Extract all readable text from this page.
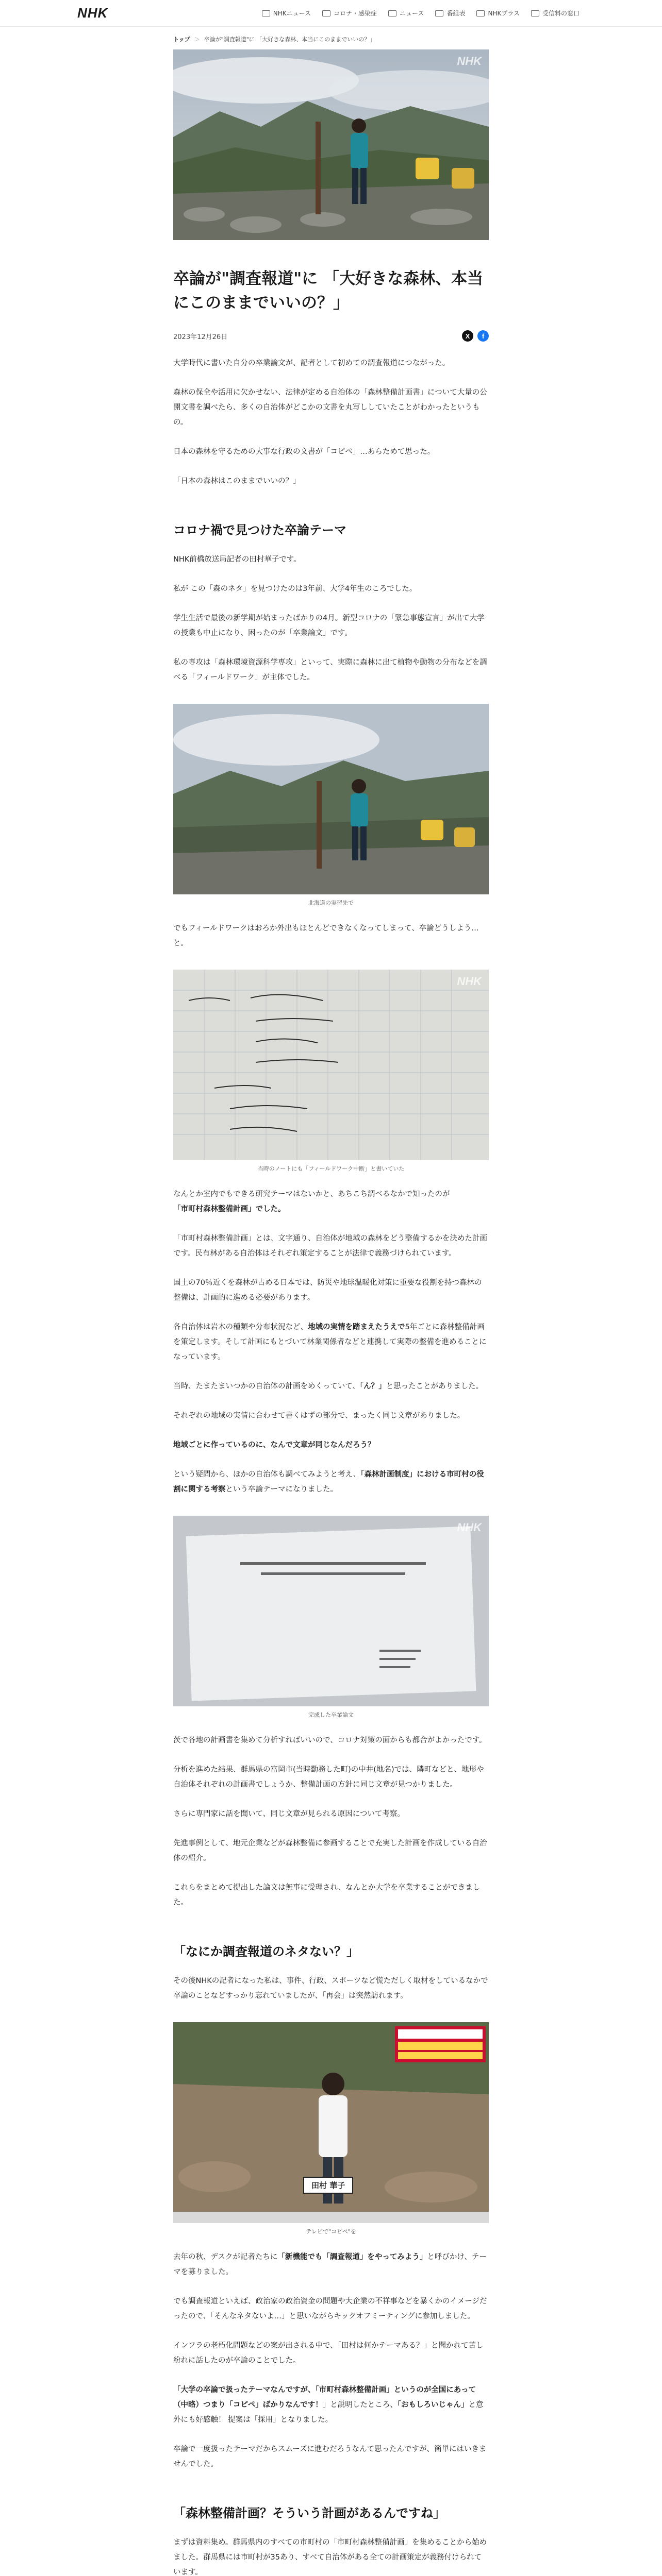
NHK	NHKニュース	コロナ・感染症	ニュース	番組表	NHKプラス	受信料の窓口
トップ ＞ 卒論が"調査報道"に 「大好きな森林、本当にこのままでいいの？」
NHK
卒論が"調査報道"に 「大好きな森林、本当にこのままでいいの？」
2023年12月26日	X	f

大学時代に書いた自分の卒業論文が、記者として初めての調査報道につながった。

森林の保全や活用に欠かせない、法律が定める自治体の「森林整備計画書」について大量の公開文書を調べたら、多くの自治体がどこかの文書を丸写ししていたことがわかったというもの。

日本の森林を守るための大事な行政の文書が「コピペ」…あらためて思った。

「日本の森林はこのままでいいの？」

コロナ禍で見つけた卒論テーマ

NHK前橋放送局記者の田村華子です。

私が この「森のネタ」を見つけたのは3年前、大学4年生のころでした。

学生生活で最後の新学期が始まったばかりの4月。新型コロナの「緊急事態宣言」が出て大学の授業も中止になり、困ったのが「卒業論文」です。

私の専攻は「森林環境資源科学専攻」といって、実際に森林に出て植物や動物の分布などを調べる「フィールドワーク」が主体でした。

北海道の実習先で

でもフィールドワークはおろか外出もほとんどできなくなってしまって、卒論どうしよう…と。

NHK

当時のノートにも「フィールドワーク中断」と書いていた

なんとか室内でもできる研究テーマはないかと、あちこち調べるなかで知ったのが
「市町村森林整備計画」でした。

「市町村森林整備計画」とは、文字通り、自治体が地域の森林をどう整備するかを決めた計画です。民有林がある自治体はそれぞれ策定することが法律で義務づけられています。

国土の70％近くを森林が占める日本では、防災や地球温暖化対策に重要な役割を持つ森林の整備は、計画的に進める必要があります。

各自治体は岩木の種類や分布状況など、地域の実情を踏まえたうえで5年ごとに森林整備計画を策定します。そして計画にもとづいて林業関係者などと連携して実際の整備を進めることになっています。

当時、たまたまいつかの自治体の計画をめくっていて、「ん？」と思ったことがありました。

それぞれの地域の実情に合わせて書くはずの部分で、まったく同じ文章がありました。

地域ごとに作っているのに、なんで文章が同じなんだろう？

という疑問から、ほかの自治体も調べてみようと考え、「森林計画制度」における市町村の役割に関する考察という卒論テーマになりました。

NHK

完成した卒業論文

茨で各地の計画書を集めて分析すればいいので、コロナ対策の面からも都合がよかったです。

分析を進めた結果、群馬県の富岡市(当時勤務した町)の中井(地名)では、隣町などと、地形や自治体それぞれの計画書でしょうか、整備計画の方針に同じ文章が見つかりました。

さらに専門家に話を聞いて、同じ文章が見られる原因について考察。

先進事例として、地元企業などが森林整備に参画することで充実した計画を作成している自治体の紹介。

これらをまとめて提出した論文は無事に受理され、なんとか大学を卒業することができました。

「なにか調査報道のネタない？」

その後NHKの記者になった私は、事件、行政、スポーツなど慌ただしく取材をしているなかで卒論のことなどすっかり忘れていましたが、「再会」は突然訪れます。

田村 華子
NHK

テレビで"コピペ"を

去年の秋、デスクが記者たちに「新機能でも「調査報道」をやってみよう」と呼びかけ、テーマを募りました。

でも調査報道といえば、政治家の政治資金の問題や大企業の不祥事などを暴くかのイメージだったので、「そんなネタないよ…」と思いながらキックオフミーティングに参加しました。

インフラの老朽化問題などの案が出される中で、「田村は何かテーマある？」と聞かれて苦し紛れに話したのが卒論のことでした。

「大学の卒論で扱ったテーマなんですが、「市町村森林整備計画」というのが全国にあって（中略）つまり「コピペ」ばかりなんです！」と説明したところ、「おもしろいじゃん」と意外にも好感触！ 提案は「採用」となりました。

卒論で一度扱ったテーマだからスムーズに進むだろうなんて思ったんですが、簡単にはいきませんでした。

「森林整備計画？そういう計画があるんですね」

まずは資料集め。群馬県内のすべての市町村の「市町村森林整備計画」を集めることから始めました。群馬県には市町村が35あり、すべて自治体がある全ての計画策定が義務付けられています。
